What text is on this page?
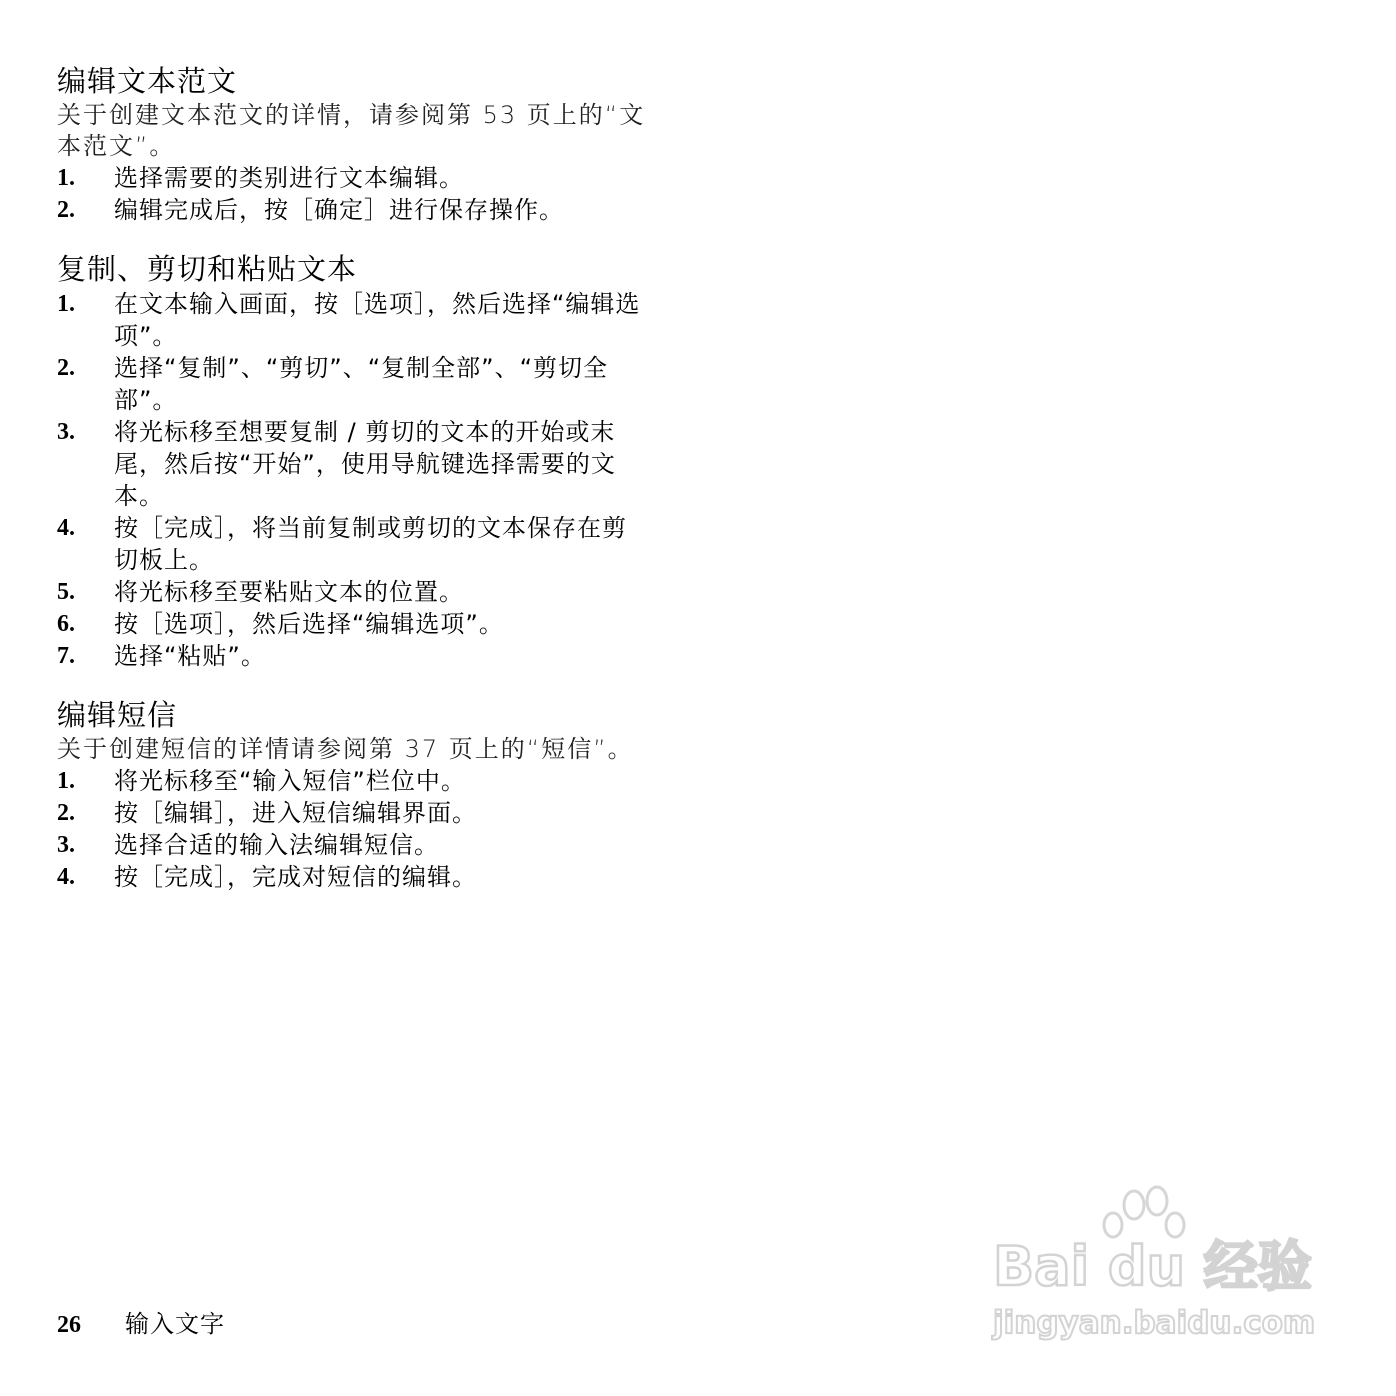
编辑文本范文

关于创建文本范文的详情，请参阅第 53 页上的“文本范文”。

1.	选择需要的类别进行文本编辑。
2.	编辑完成后，按［确定］进行保存操作。
复制、剪切和粘贴文本
1.	在文本输入画面，按［选项］，然后选择“编辑选项”。
2.	选择“复制”、“剪切”、“复制全部”、“剪切全部”。
3.	将光标移至想要复制 / 剪切的文本的开始或末尾，然后按“开始”，使用导航键选择需要的文本。
4.	按［完成］，将当前复制或剪切的文本保存在剪切板上。
5.	将光标移至要粘贴文本的位置。
6.	按［选项］，然后选择“编辑选项”。
7.	选择“粘贴”。
编辑短信

关于创建短信的详情请参阅第 37 页上的“短信”。

1.	将光标移至“输入短信”栏位中。
2.	按［编辑］，进入短信编辑界面。
3.	选择合适的输入法编辑短信。
4.	按［完成］，完成对短信的编辑。
26	输入文字
Bai du 经验
jingyan.baidu.com
